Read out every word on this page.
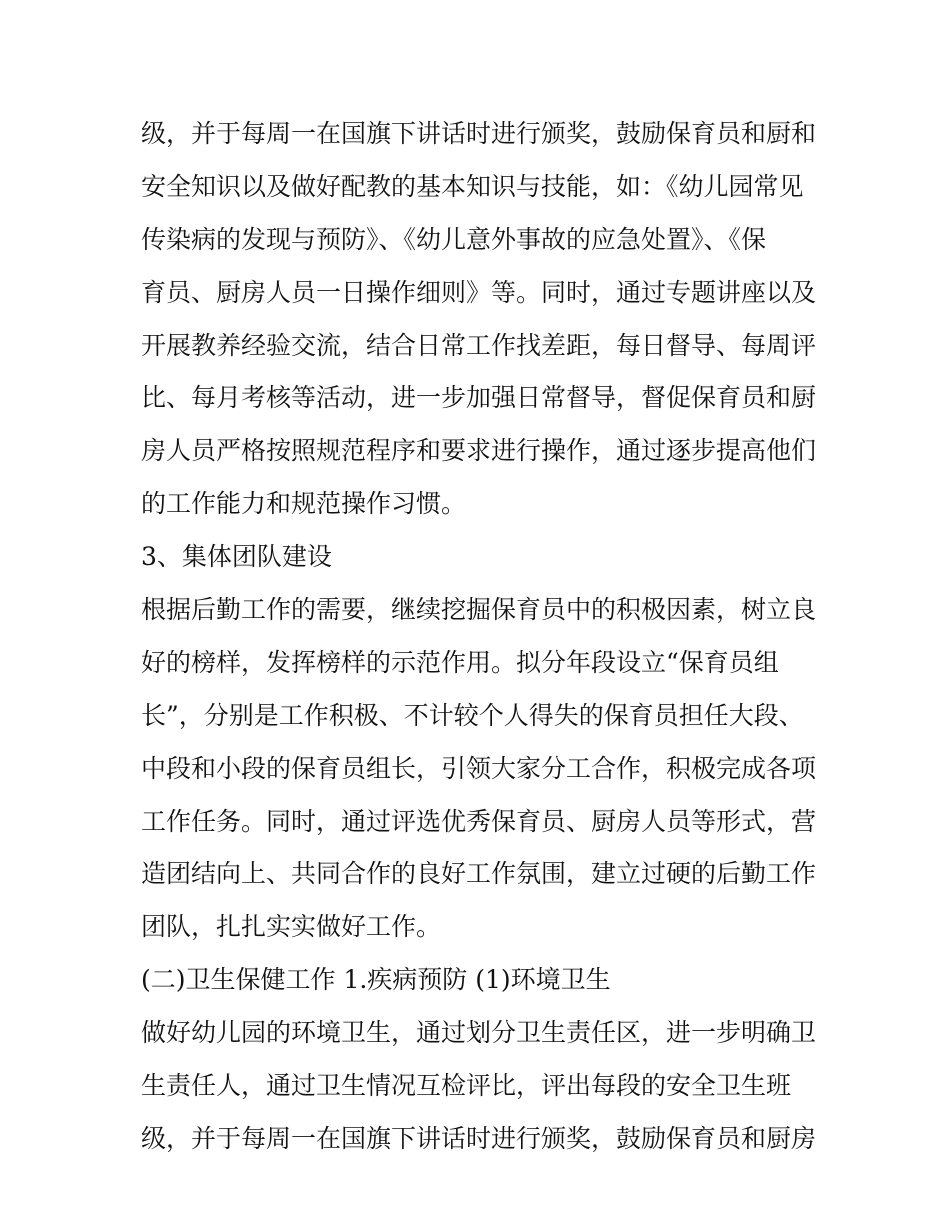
级，并于每周一在国旗下讲话时进行颁奖，鼓励保育员和厨和
安全知识以及做好配教的基本知识与技能，如：《幼儿园常见
传染病的发现与预防》、《幼儿意外事故的应急处置》、《保
育员、厨房人员一日操作细则》等。同时，通过专题讲座以及
开展教养经验交流，结合日常工作找差距，每日督导、每周评
比、每月考核等活动，进一步加强日常督导，督促保育员和厨
房人员严格按照规范程序和要求进行操作，通过逐步提高他们
的工作能力和规范操作习惯。
3、集体团队建设
根据后勤工作的需要，继续挖掘保育员中的积极因素，树立良
好的榜样，发挥榜样的示范作用。拟分年段设立“保育员组
长”，分别是工作积极、不计较个人得失的保育员担任大段、
中段和小段的保育员组长，引领大家分工合作，积极完成各项
工作任务。同时，通过评选优秀保育员、厨房人员等形式，营
造团结向上、共同合作的良好工作氛围，建立过硬的后勤工作
团队，扎扎实实做好工作。
(二)卫生保健工作 1.疾病预防 (1)环境卫生
做好幼儿园的环境卫生，通过划分卫生责任区，进一步明确卫
生责任人，通过卫生情况互检评比，评出每段的安全卫生班
级，并于每周一在国旗下讲话时进行颁奖，鼓励保育员和厨房
